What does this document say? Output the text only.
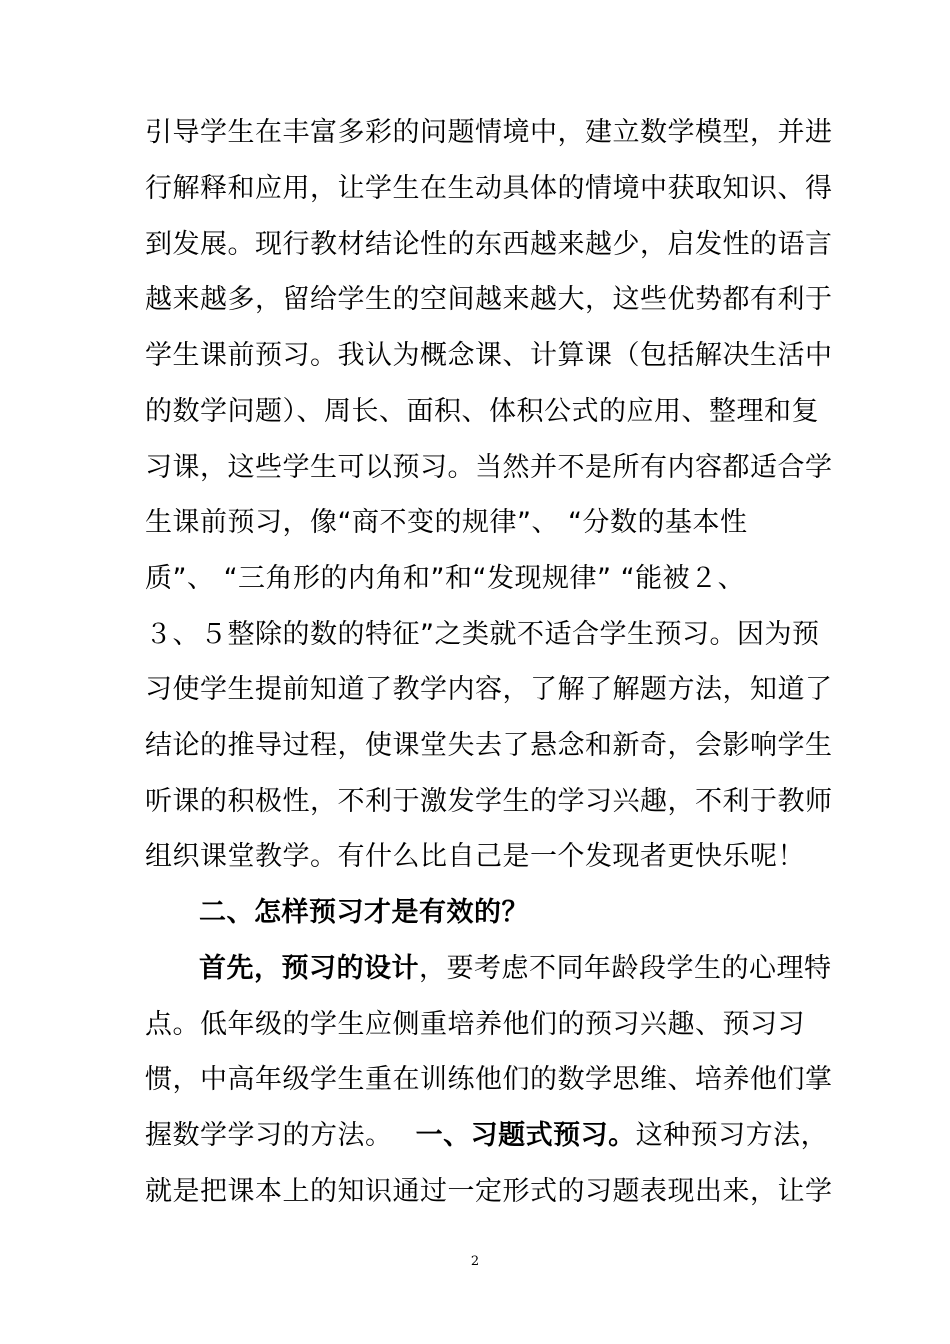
引导学生在丰富多彩的问题情境中，建立数学模型，并进
行解释和应用，让学生在生动具体的情境中获取知识、得
到发展。现行教材结论性的东西越来越少，启发性的语言
越来越多，留给学生的空间越来越大，这些优势都有利于
学生课前预习。我认为概念课、计算课（包括解决生活中
的数学问题）、周长、面积、体积公式的应用、整理和复
习课，这些学生可以预习。当然并不是所有内容都适合学
生课前预习，像“商不变的规律”、 “分数的基本性
质”、 “三角形的内角和”和“发现规律” “能被２、
３、５整除的数的特征”之类就不适合学生预习。因为预
习使学生提前知道了教学内容，了解了解题方法，知道了
结论的推导过程，使课堂失去了悬念和新奇，会影响学生
听课的积极性，不利于激发学生的学习兴趣，不利于教师
组织课堂教学。有什么比自己是一个发现者更快乐呢！
二、怎样预习才是有效的？
首先，预习的设计，要考虑不同年龄段学生的心理特
点。低年级的学生应侧重培养他们的预习兴趣、预习习
惯，中高年级学生重在训练他们的数学思维、培养他们掌
握数学学习的方法。　 一、习题式预习。这种预习方法，
就是把课本上的知识通过一定形式的习题表现出来，让学
2
